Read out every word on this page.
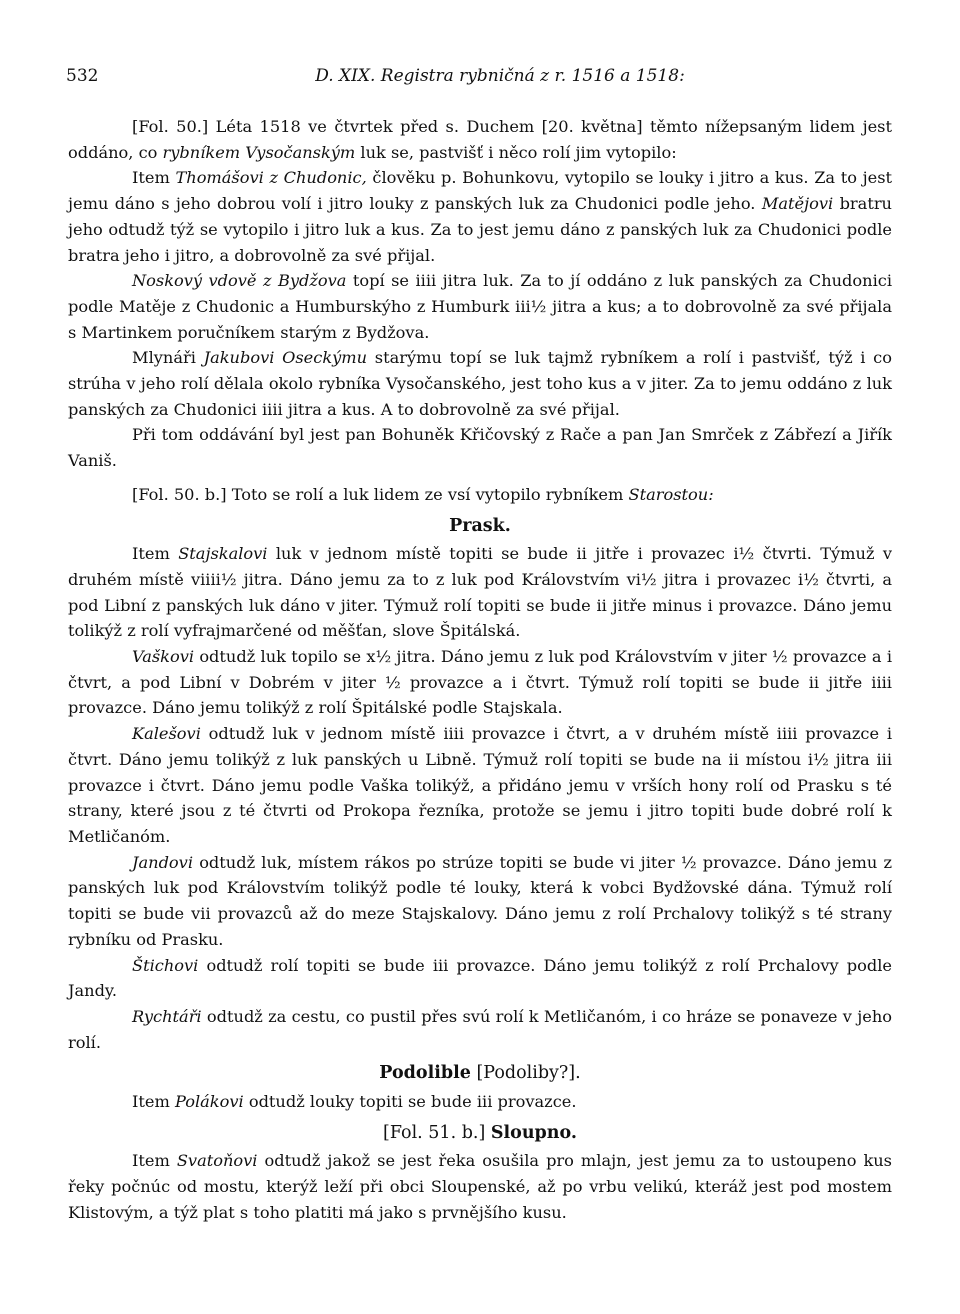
532	D. XIX. Registra rybničná z r. 1516 a 1518:

[Fol. 50.] Léta 1518 ve čtvrtek před s. Duchem [20. května] těmto nížepsaným lidem jest oddáno, co rybníkem Vysočanským luk se, pastvišť i něco rolí jim vytopilo:

Item Thomášovi z Chudonic, člověku p. Bohunkovu, vytopilo se louky i jitro a kus. Za to jest jemu dáno s jeho dobrou volí i jitro louky z panských luk za Chudonici podle jeho. Matějovi bratru jeho odtudž týž se vytopilo i jitro luk a kus. Za to jest jemu dáno z panských luk za Chudonici podle bratra jeho i jitro, a dobrovolně za své přijal.

Noskový vdově z Bydžova topí se iiii jitra luk. Za to jí oddáno z luk panských za Chudonici podle Matěje z Chudonic a Humburskýho z Humburk iii½ jitra a kus; a to dobrovolně za své přijala s Martinkem poručníkem starým z Bydžova.

Mlynáři Jakubovi Oseckýmu starýmu topí se luk tajmž rybníkem a rolí i pastvišť, týž i co strúha v jeho rolí dělala okolo rybníka Vysočanského, jest toho kus a v jiter. Za to jemu oddáno z luk panských za Chudonici iiii jitra a kus. A to dobrovolně za své přijal.

Při tom oddávání byl jest pan Bohuněk Křičovský z Rače a pan Jan Smrček z Zábřezí a Jiřík Vaniš.

[Fol. 50. b.] Toto se rolí a luk lidem ze vsí vytopilo rybníkem Starostou:

Prask.

Item Stajskalovi luk v jednom místě topiti se bude ii jitře i provazec i½ čtvrti. Týmuž v druhém místě viiii½ jitra. Dáno jemu za to z luk pod Královstvím vi½ jitra i provazec i½ čtvrti, a pod Libní z panských luk dáno v jiter. Týmuž rolí topiti se bude ii jitře minus i provazce. Dáno jemu tolikýž z rolí vyfrajmarčené od měšťan, slove Špitálská.

Vaškovi odtudž luk topilo se x½ jitra. Dáno jemu z luk pod Královstvím v jiter ½ provazce a i čtvrt, a pod Libní v Dobrém v jiter ½ provazce a i čtvrt. Týmuž rolí topiti se bude ii jitře iiii provazce. Dáno jemu tolikýž z rolí Špitálské podle Stajskala.

Kalešovi odtudž luk v jednom místě iiii provazce i čtvrt, a v druhém místě iiii provazce i čtvrt. Dáno jemu tolikýž z luk panských u Libně. Týmuž rolí topiti se bude na ii místou i½ jitra iii provazce i čtvrt. Dáno jemu podle Vaška tolikýž, a přidáno jemu v vrších hony rolí od Prasku s té strany, které jsou z té čtvrti od Prokopa řezníka, protože se jemu i jitro topiti bude dobré rolí k Metličanóm.

Jandovi odtudž luk, místem rákos po strúze topiti se bude vi jiter ½ provazce. Dáno jemu z panských luk pod Královstvím tolikýž podle té louky, která k vobci Bydžovské dána. Týmuž rolí topiti se bude vii provazců až do meze Stajskalovy. Dáno jemu z rolí Prchalovy tolikýž s té strany rybníku od Prasku.

Štichovi odtudž rolí topiti se bude iii provazce. Dáno jemu tolikýž z rolí Prchalovy podle Jandy.

Rychtáři odtudž za cestu, co pustil přes svú rolí k Metličanóm, i co hráze se ponaveze v jeho rolí.

Podolible [Podoliby?].

Item Polákovi odtudž louky topiti se bude iii provazce.

[Fol. 51. b.] Sloupno.

Item Svatoňovi odtudž jakož se jest řeka osušila pro mlajn, jest jemu za to ustoupeno kus řeky počnúc od mostu, kterýž leží při obci Sloupenské, až po vrbu velikú, kteráž jest pod mostem Klistovým, a týž plat s toho platiti má jako s prvnějšího kusu.
